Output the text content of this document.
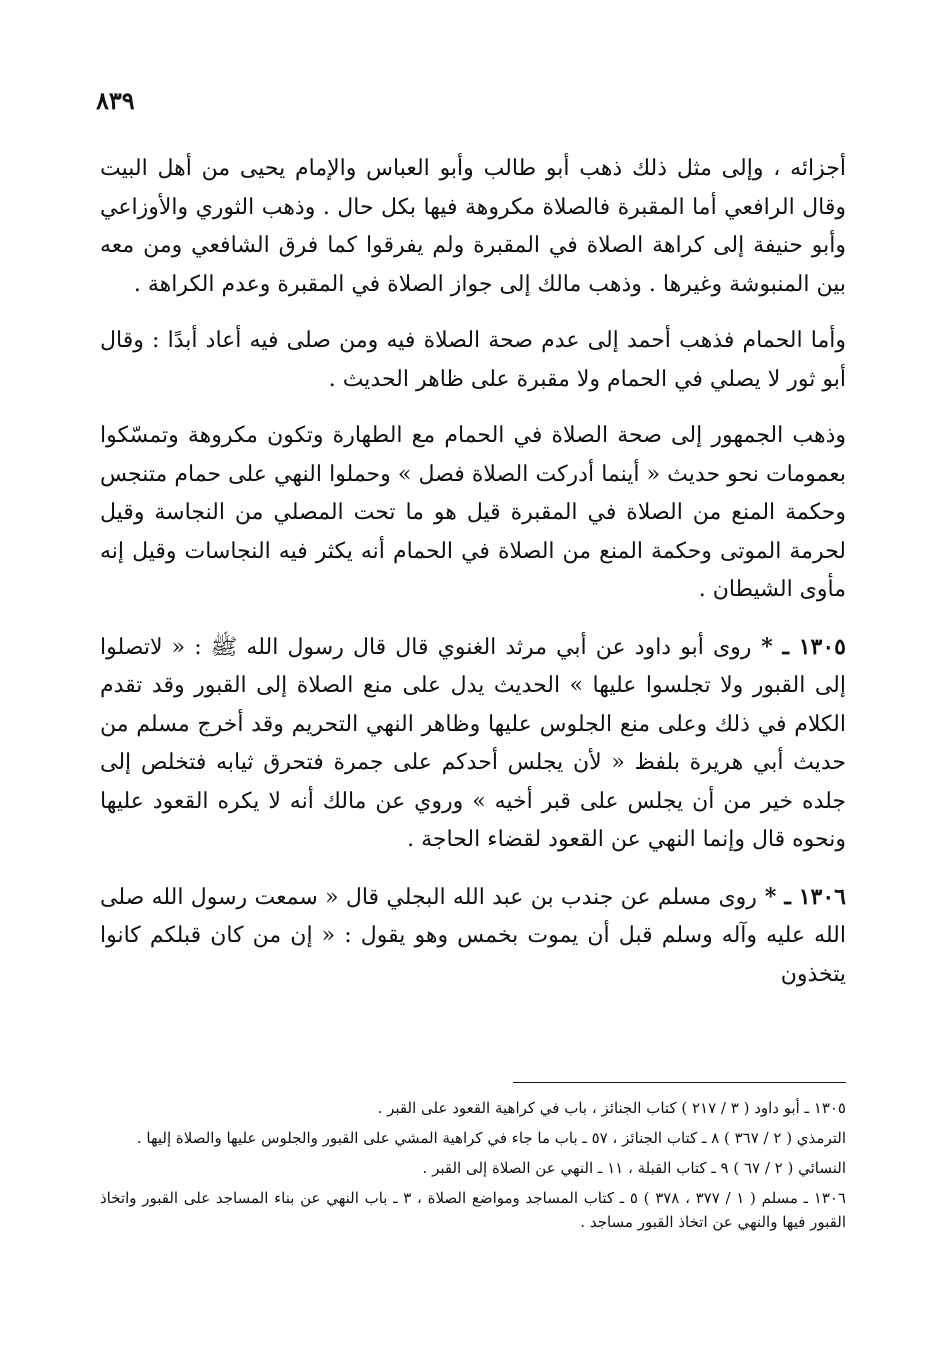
٨٣٩

أجزائه ، وإلى مثل ذلك ذهب أبو طالب وأبو العباس والإمام يحيى من أهل البيت وقال الرافعي أما المقبرة فالصلاة مكروهة فيها بكل حال . وذهب الثوري والأوزاعي وأبو حنيفة إلى كراهة الصلاة في المقبرة ولم يفرقوا كما فرق الشافعي ومن معه بين المنبوشة وغيرها . وذهب مالك إلى جواز الصلاة في المقبرة وعدم الكراهة .

وأما الحمام فذهب أحمد إلى عدم صحة الصلاة فيه ومن صلى فيه أعاد أبدًا : وقال أبو ثور لا يصلي في الحمام ولا مقبرة على ظاهر الحديث .

وذهب الجمهور إلى صحة الصلاة في الحمام مع الطهارة وتكون مكروهة وتمسّكوا بعمومات نحو حديث « أينما أدركت الصلاة فصل » وحملوا النهي على حمام متنجس وحكمة المنع من الصلاة في المقبرة قيل هو ما تحت المصلي من النجاسة وقيل لحرمة الموتى وحكمة المنع من الصلاة في الحمام أنه يكثر فيه النجاسات وقيل إنه مأوى الشيطان .

١٣٠٥ ـ * روى أبو داود عن أبي مرثد الغنوي قال قال رسول الله ﷺ : « لاتصلوا إلى القبور ولا تجلسوا عليها » الحديث يدل على منع الصلاة إلى القبور وقد تقدم الكلام في ذلك وعلى منع الجلوس عليها وظاهر النهي التحريم وقد أخرج مسلم من حديث أبي هريرة بلفظ « لأن يجلس أحدكم على جمرة فتحرق ثيابه فتخلص إلى جلده خير من أن يجلس على قبر أخيه » وروي عن مالك أنه لا يكره القعود عليها ونحوه قال وإنما النهي عن القعود لقضاء الحاجة .

١٣٠٦ ـ * روى مسلم عن جندب بن عبد الله البجلي قال « سمعت رسول الله صلى الله عليه وآله وسلم قبل أن يموت بخمس وهو يقول : « إن من كان قبلكم كانوا يتخذون

١٣٠٥ ـ أبو داود ( ٣ / ٢١٧ ) كتاب الجنائز ، باب في كراهية القعود على القبر .

الترمذي ( ٢ / ٣٦٧ ) ٨ ـ كتاب الجنائز ، ٥٧ ـ باب ما جاء في كراهية المشي على القبور والجلوس عليها والصلاة إليها .

النسائي ( ٢ / ٦٧ ) ٩ ـ كتاب القبلة ، ١١ ـ النهي عن الصلاة إلى القبر .

١٣٠٦ ـ مسلم ( ١ / ٣٧٧ ، ٣٧٨ ) ٥ ـ كتاب المساجد ومواضع الصلاة ، ٣ ـ باب النهي عن بناء المساجد على القبور واتخاذ القبور فيها والنهي عن اتخاذ القبور مساجد .
